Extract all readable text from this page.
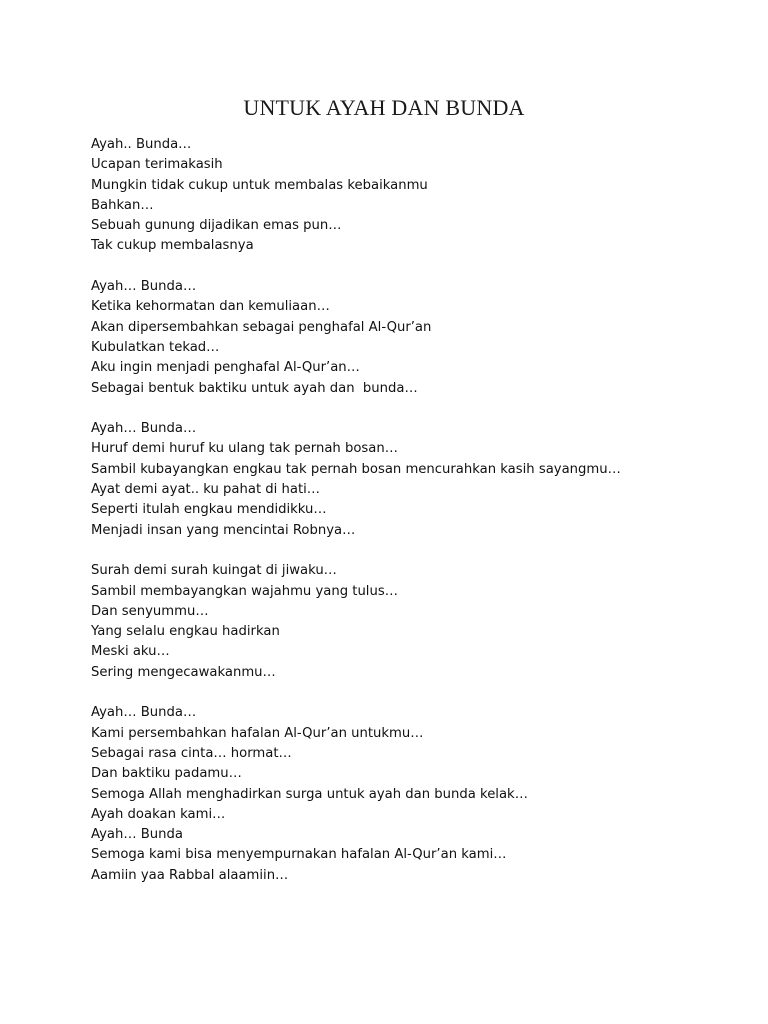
UNTUK AYAH DAN BUNDA
Ayah.. Bunda…
Ucapan terimakasih
Mungkin tidak cukup untuk membalas kebaikanmu
Bahkan…
Sebuah gunung dijadikan emas pun…
Tak cukup membalasnya
Ayah… Bunda…
Ketika kehormatan dan kemuliaan…
Akan dipersembahkan sebagai penghafal Al-Qur’an
Kubulatkan tekad…
Aku ingin menjadi penghafal Al-Qur’an…
Sebagai bentuk baktiku untuk ayah dan  bunda…
Ayah… Bunda…
Huruf demi huruf ku ulang tak pernah bosan…
Sambil kubayangkan engkau tak pernah bosan mencurahkan kasih sayangmu…
Ayat demi ayat.. ku pahat di hati…
Seperti itulah engkau mendidikku…
Menjadi insan yang mencintai Robnya…
Surah demi surah kuingat di jiwaku…
Sambil membayangkan wajahmu yang tulus…
Dan senyummu…
Yang selalu engkau hadirkan
Meski aku…
Sering mengecawakanmu…
Ayah… Bunda…
Kami persembahkan hafalan Al-Qur’an untukmu…
Sebagai rasa cinta… hormat…
Dan baktiku padamu…
Semoga Allah menghadirkan surga untuk ayah dan bunda kelak…
Ayah doakan kami…
Ayah… Bunda
Semoga kami bisa menyempurnakan hafalan Al-Qur’an kami…
Aamiin yaa Rabbal alaamiin…
